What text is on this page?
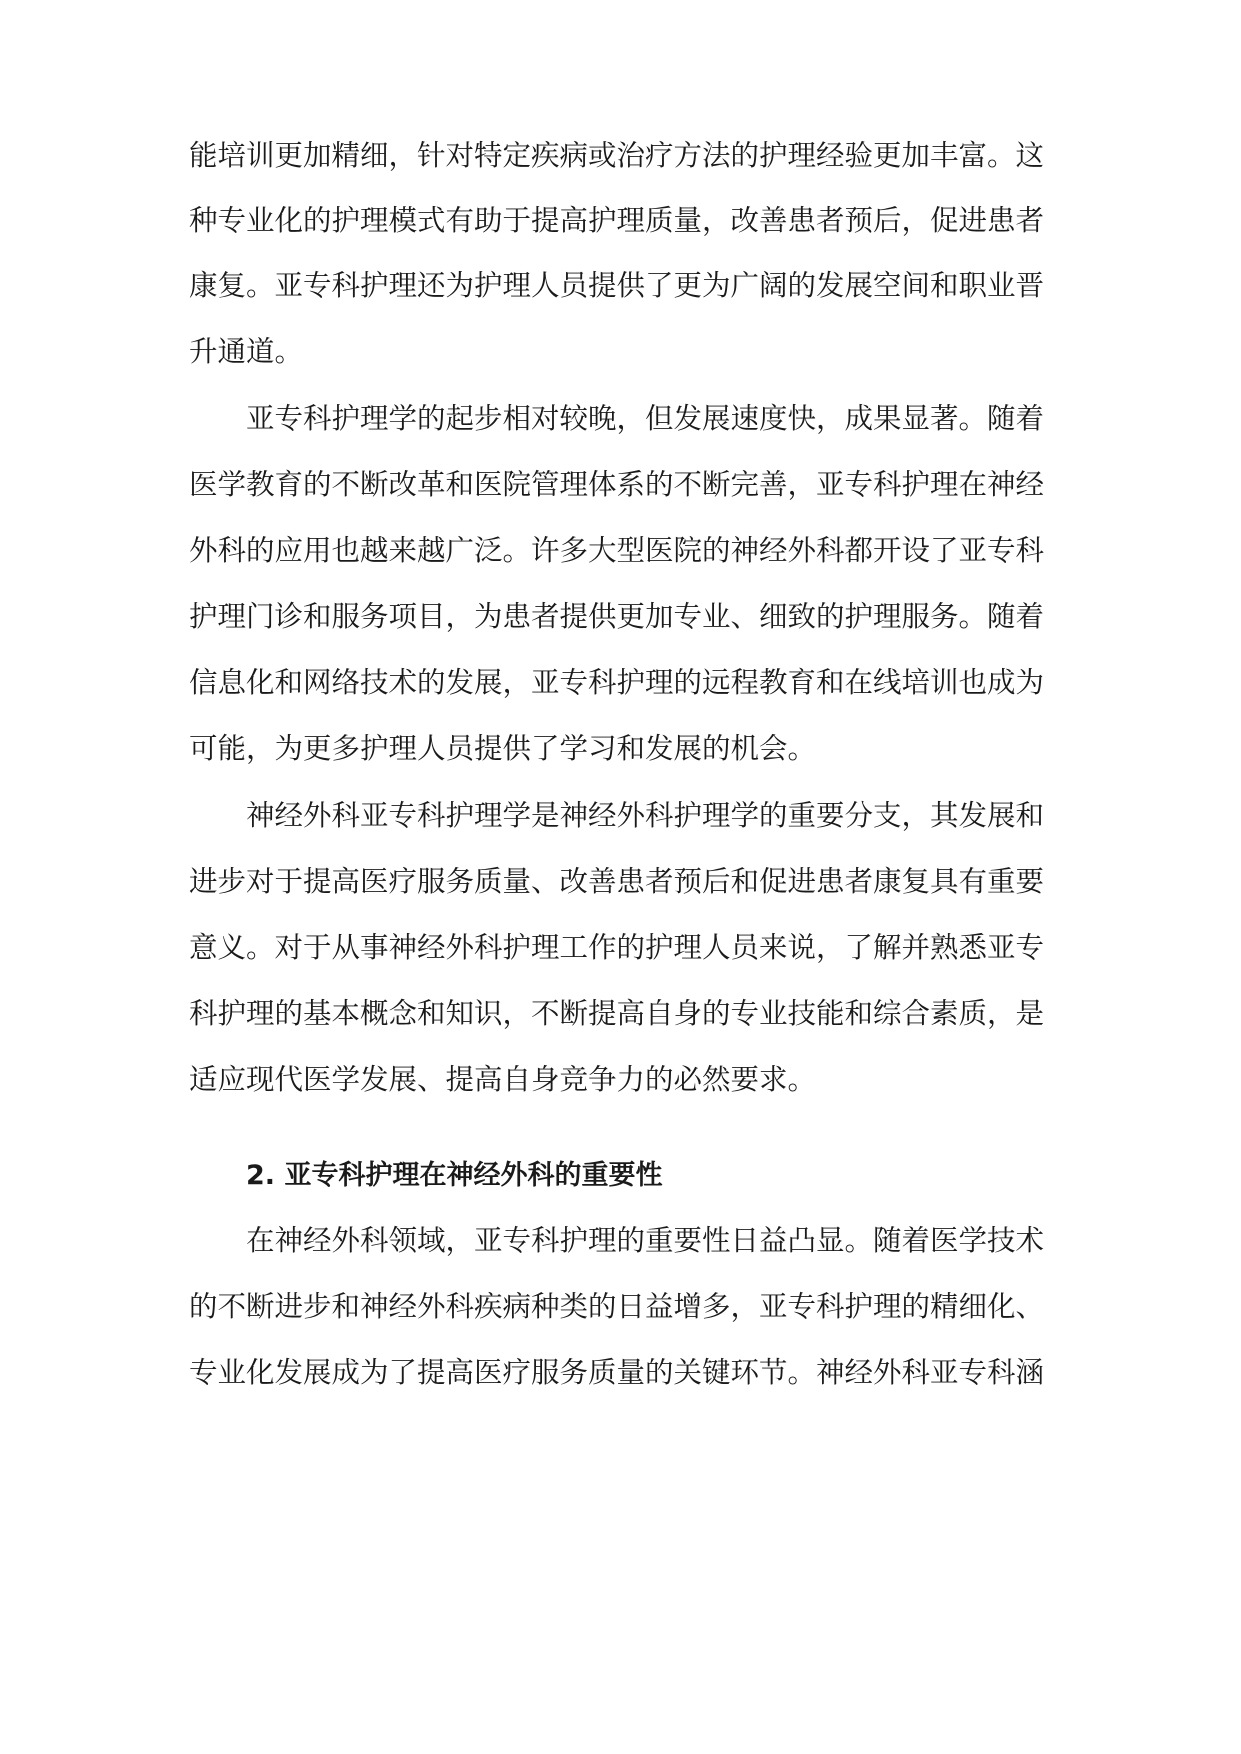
能培训更加精细，针对特定疾病或治疗方法的护理经验更加丰富。这
种专业化的护理模式有助于提高护理质量，改善患者预后，促进患者
康复。亚专科护理还为护理人员提供了更为广阔的发展空间和职业晋
升通道。
亚专科护理学的起步相对较晚，但发展速度快，成果显著。随着
医学教育的不断改革和医院管理体系的不断完善，亚专科护理在神经
外科的应用也越来越广泛。许多大型医院的神经外科都开设了亚专科
护理门诊和服务项目，为患者提供更加专业、细致的护理服务。随着
信息化和网络技术的发展，亚专科护理的远程教育和在线培训也成为
可能，为更多护理人员提供了学习和发展的机会。
神经外科亚专科护理学是神经外科护理学的重要分支，其发展和
进步对于提高医疗服务质量、改善患者预后和促进患者康复具有重要
意义。对于从事神经外科护理工作的护理人员来说，了解并熟悉亚专
科护理的基本概念和知识，不断提高自身的专业技能和综合素质，是
适应现代医学发展、提高自身竞争力的必然要求。
2. 亚专科护理在神经外科的重要性
在神经外科领域，亚专科护理的重要性日益凸显。随着医学技术
的不断进步和神经外科疾病种类的日益增多，亚专科护理的精细化、
专业化发展成为了提高医疗服务质量的关键环节。神经外科亚专科涵
